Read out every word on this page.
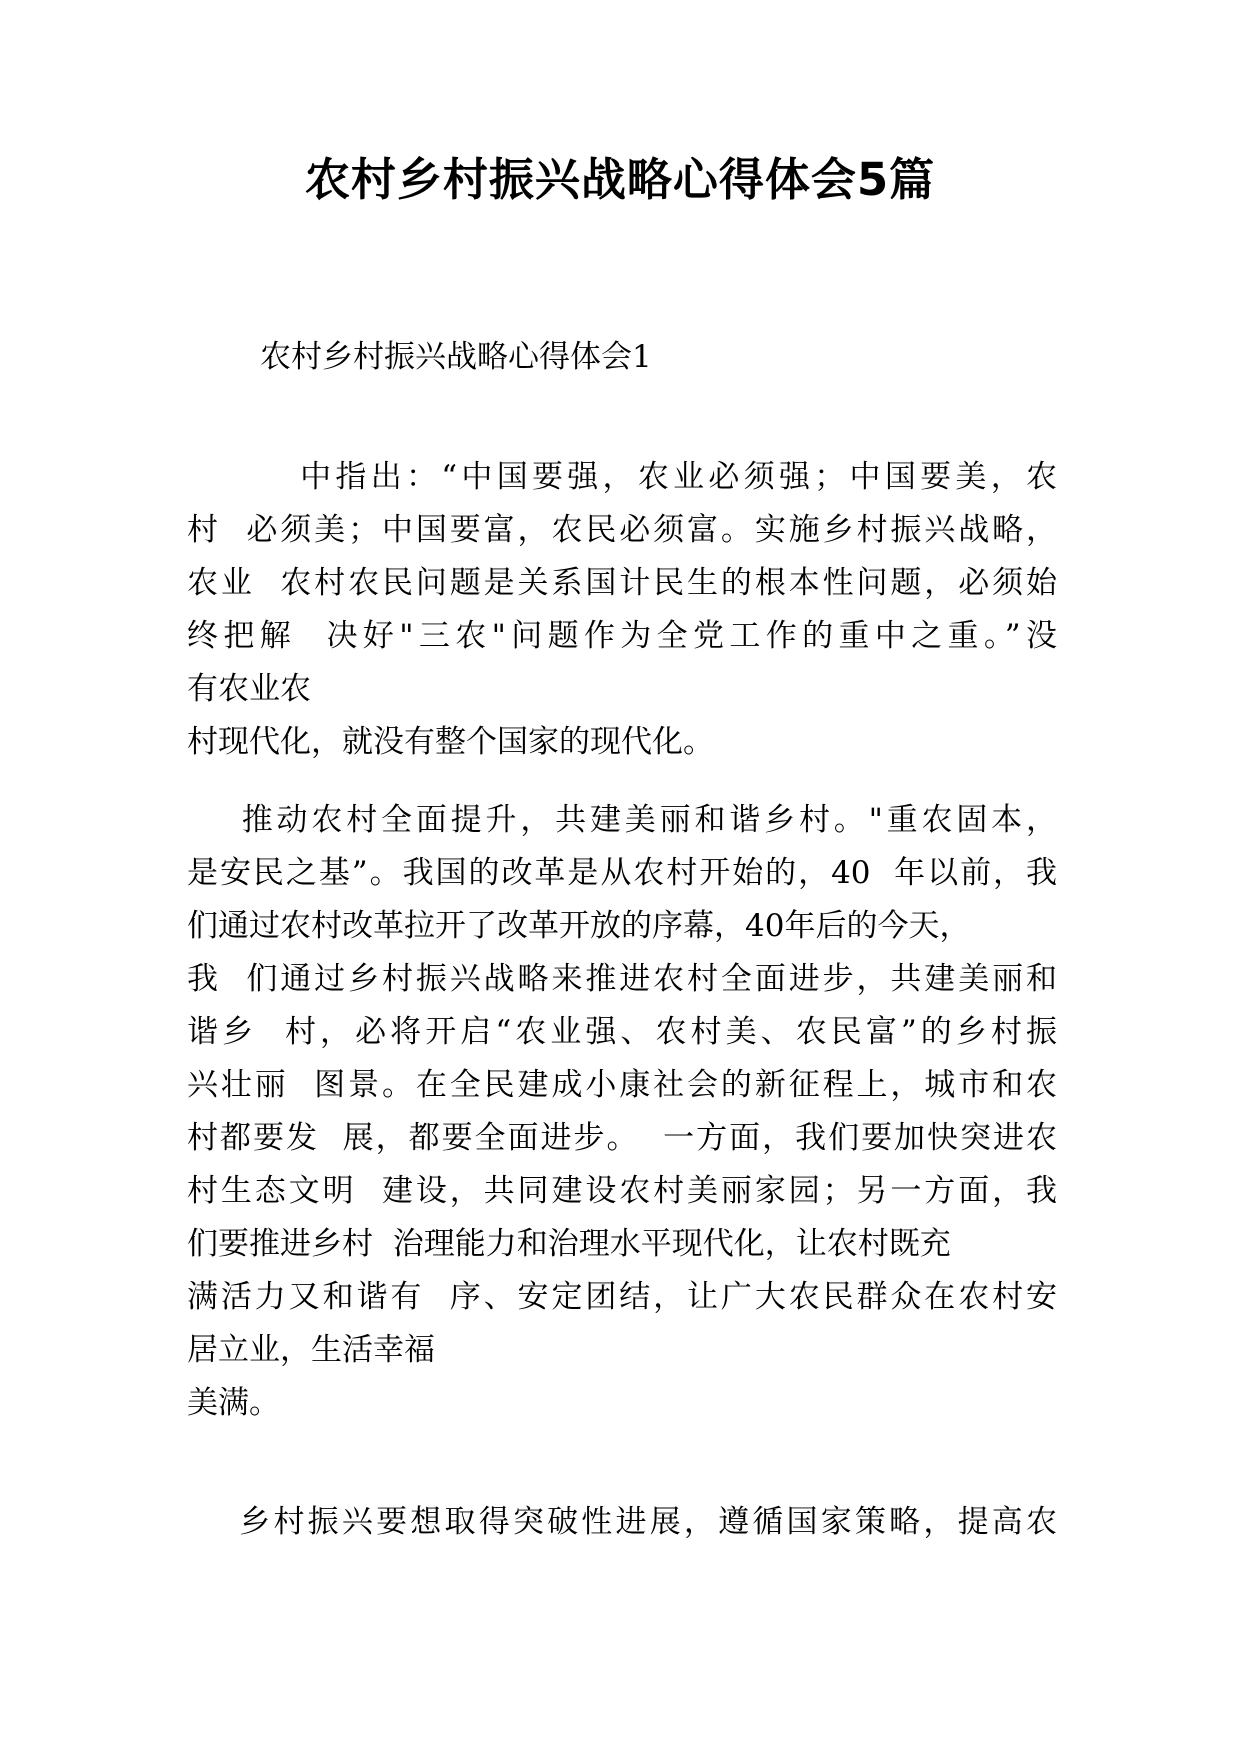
农村乡村振兴战略心得体会5篇

农村乡村振兴战略心得体会1

中指出：“中国要强，农业必须强；中国要美，农
村  必须美；中国要富，农民必须富。实施乡村振兴战略，
农业  农村农民问题是关系国计民生的根本性问题，必须始
终把解  决好"三农"问题作为全党工作的重中之重。”没
有农业农
村现代化，就没有整个国家的现代化。
推动农村全面提升，共建美丽和谐乡村。"重农固本，
是安民之基”。我国的改革是从农村开始的，40  年以前，我
们通过农村改革拉开了改革开放的序幕，40年后的今天，
我  们通过乡村振兴战略来推进农村全面进步，共建美丽和
谐乡  村，必将开启“农业强、农村美、农民富”的乡村振
兴壮丽  图景。在全民建成小康社会的新征程上，城市和农
村都要发  展，都要全面进步。  一方面，我们要加快突进农
村生态文明  建设，共同建设农村美丽家园；另一方面，我
们要推进乡村  治理能力和治理水平现代化，让农村既充
满活力又和谐有  序、安定团结，让广大农民群众在农村安
居立业，生活幸福
美满。
乡村振兴要想取得突破性进展，遵循国家策略，提高农
